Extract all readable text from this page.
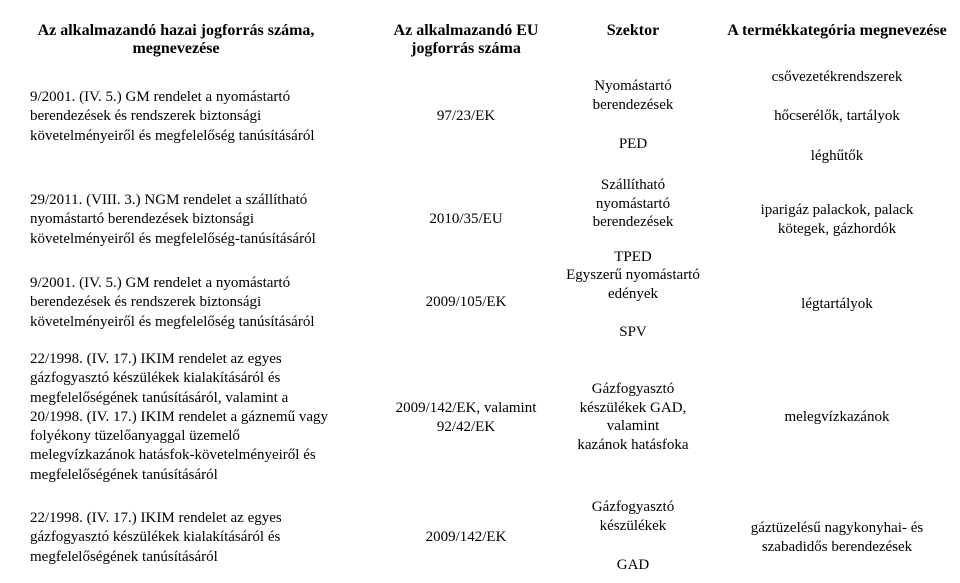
Az alkalmazandó hazai jogforrás száma,
megnevezése
Az alkalmazandó EU
jogforrás száma
Szektor	A termékkategória megnevezése
9/2001. (IV. 5.) GM rendelet a nyomástartó
berendezések és rendszerek biztonsági
követelményeiről és megfelelőség tanúsításáról
97/23/EK
Nyomástartó
berendezések
PED
csővezetékrendszerek
hőcserélők, tartályok
léghűtők
29/2011. (VIII. 3.) NGM rendelet a szállítható
nyomástartó berendezések biztonsági
követelményeiről és megfelelőség-tanúsításáról
9/2001. (IV. 5.) GM rendelet a nyomástartó
berendezések és rendszerek biztonsági
követelményeiről és megfelelőség tanúsításáról
2010/35/EU
2009/105/EK
Szállítható
nyomástartó
berendezések
TPED
Egyszerű nyomástartó
edények
SPV
iparigáz palackok, palack
kötegek, gázhordók
légtartályok
22/1998. (IV. 17.) IKIM rendelet az egyes
gázfogyasztó készülékek kialakításáról és
megfelelőségének tanúsításáról, valamint a
20/1998. (IV. 17.) IKIM rendelet a gáznemű vagy
folyékony tüzelőanyaggal üzemelő
melegvízkazánok hatásfok-követelményeiről és
megfelelőségének tanúsításáról
2009/142/EK, valamint
92/42/EK
Gázfogyasztó
készülékek GAD,
valamint
kazánok hatásfoka
melegvízkazánok
22/1998. (IV. 17.) IKIM rendelet az egyes
gázfogyasztó készülékek kialakításáról és
megfelelőségének tanúsításáról
2009/142/EK
Gázfogyasztó
készülékek
GAD
gáztüzelésű nagykonyhai- és
szabadidős berendezések
